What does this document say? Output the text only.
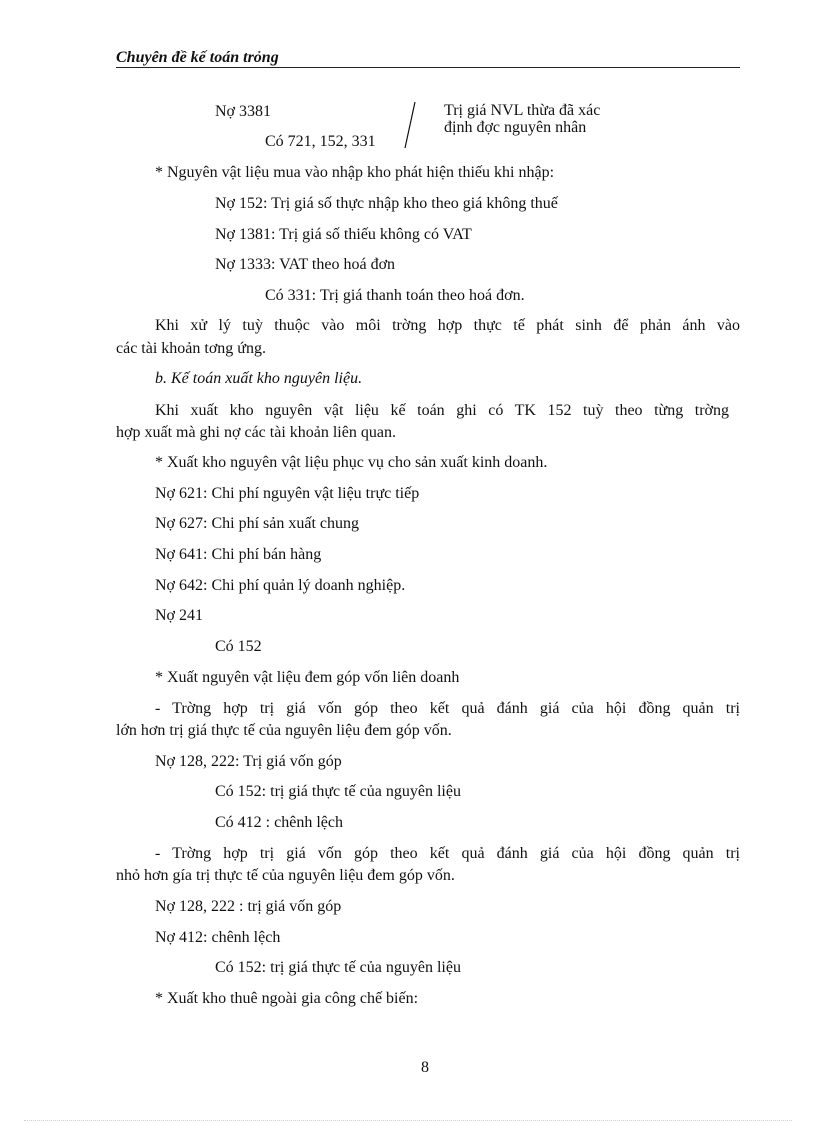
Chuyên đề kế toán trỏng
Nợ 3381
Có 721, 152, 331
Trị giá NVL thừa đã xác
định đợc nguyên nhân
* Nguyên vật liệu mua vào nhập kho phát hiện thiếu khi nhập:
Nợ 152: Trị giá số thực nhập kho theo giá không thuế
Nợ 1381: Trị giá số thiếu không có VAT
Nợ 1333: VAT theo hoá đơn
Có 331: Trị giá thanh toán theo hoá đơn.
Khi xử lý tuỳ thuộc vào môi trờng hợp thực tế phát sinh để phản ánh vào
các tài khoản tơng ứng.
b. Kế toán xuất kho nguyên liệu.
Khi xuất kho nguyên vật liệu kế toán ghi có TK 152 tuỳ theo từng trờng
hợp xuất mà ghi nợ các tài khoản liên quan.
* Xuất kho nguyên vật liệu phục vụ cho sản xuất kinh doanh.
Nợ 621: Chi phí nguyên vật liệu trực tiếp
Nợ 627: Chi phí sản xuất chung
Nợ 641: Chi phí bán hàng
Nợ 642: Chi phí quản lý doanh nghiệp.
Nợ 241
Có 152
* Xuất nguyên vật liệu đem góp vốn liên doanh
- Trờng hợp trị giá vốn góp theo kết quả đánh giá của hội đồng quản trị
lớn hơn trị giá thực tế của nguyên liệu đem góp vốn.
Nợ 128, 222: Trị giá vốn góp
Có 152: trị giá thực tế của nguyên liệu
Có 412 : chênh lệch
- Trờng hợp trị giá vốn góp theo kết quả đánh giá của hội đồng quản trị
nhỏ hơn gía trị thực tế của nguyên liệu đem góp vốn.
Nợ 128, 222 : trị giá vốn góp
Nợ 412: chênh lệch
Có 152: trị giá thực tế của nguyên liệu
* Xuất kho thuê ngoài gia công chế biến:
8
